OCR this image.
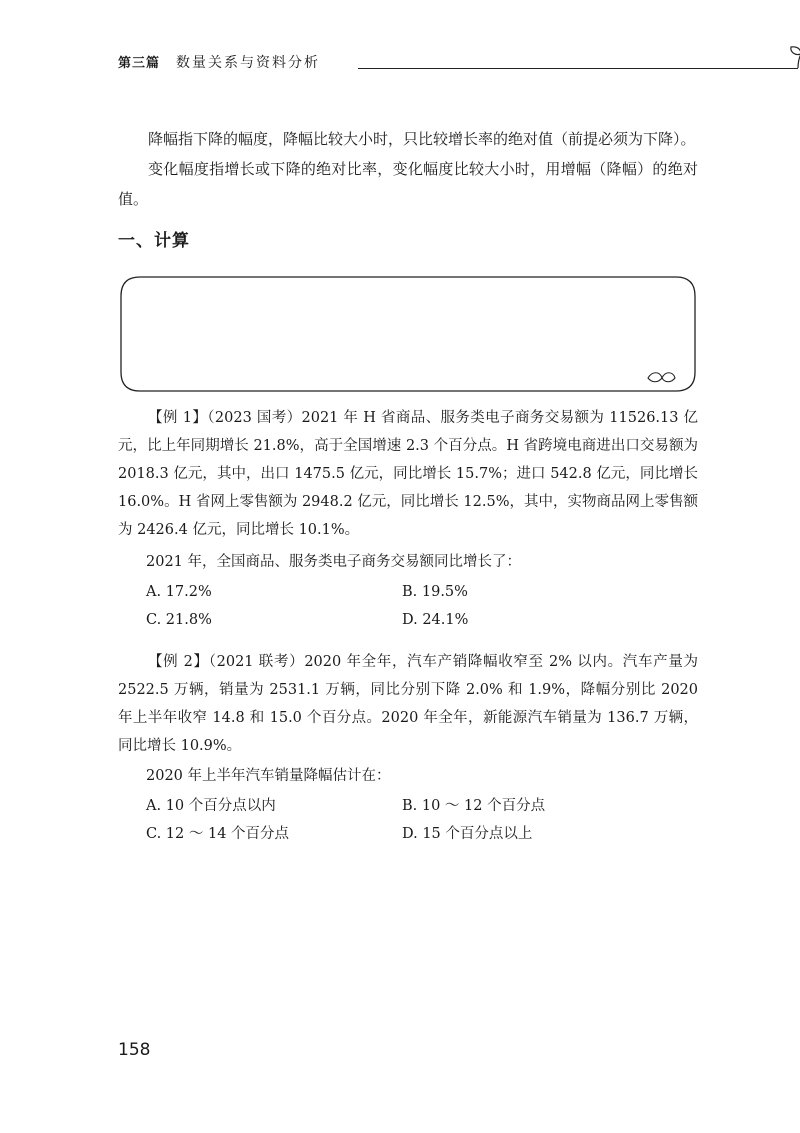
第三篇 数量关系与资料分析
降幅指下降的幅度，降幅比较大小时，只比较增长率的绝对值（前提必须为下降）。
变化幅度指增长或下降的绝对比率，变化幅度比较大小时，用增幅（降幅）的绝对值。
一、计算
【例 1】（2023 国考）2021 年 H 省商品、服务类电子商务交易额为 11526.13 亿元，比上年同期增长 21.8%，高于全国增速 2.3 个百分点。H 省跨境电商进出口交易额为 2018.3 亿元，其中，出口 1475.5 亿元，同比增长 15.7%；进口 542.8 亿元，同比增长 16.0%。H 省网上零售额为 2948.2 亿元，同比增长 12.5%，其中，实物商品网上零售额为 2426.4 亿元，同比增长 10.1%。
2021 年，全国商品、服务类电子商务交易额同比增长了：
A. 17.2%	B. 19.5%
C. 21.8%	D. 24.1%
【例 2】（2021 联考）2020 年全年，汽车产销降幅收窄至 2% 以内。汽车产量为 2522.5 万辆，销量为 2531.1 万辆，同比分别下降 2.0% 和 1.9%，降幅分别比 2020 年上半年收窄 14.8 和 15.0 个百分点。2020 年全年，新能源汽车销量为 136.7 万辆，同比增长 10.9%。
2020 年上半年汽车销量降幅估计在：
A. 10 个百分点以内	B. 10 ～ 12 个百分点
C. 12 ～ 14 个百分点	D. 15 个百分点以上
158
